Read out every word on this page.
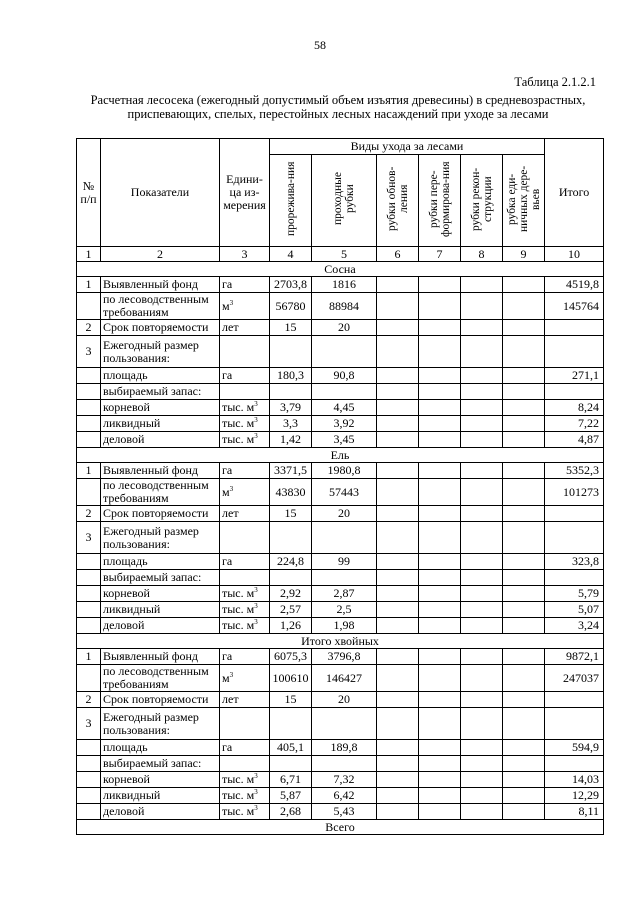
58
Таблица 2.1.2.1
Расчетная лесосека (ежегодный допустимый объем изъятия древесины) в средневозрастных, приспевающих, спелых, перестойных лесных насаждений при уходе за лесами
№ п/п	Показатели	Едини-ца из-мерения	Виды ухода за лесами						Итого
			прорежива-ния	проходные рубки	рубки обнов-ления	рубки пере-формирова-ния	рубки рекон-струкции	рубка еди-ничных дере-вьев	
1	2	3	4	5	6	7	8	9	10
Сосна									
1	Выявленный фонд	га	2703,8	1816					4519,8
	по лесоводственным требованиям	$м^3$	56780	88984					145764
2	Срок повторяемости	лет	15	20					
3	Ежегодный размер пользования:								
	площадь	га	180,3	90,8					271,1
	выбираемый запас:								
	корневой	тыс. $м^3$	3,79	4,45					8,24
	ликвидный	тыс. $м^3$	3,3	3,92					7,22
	деловой	тыс. $м^3$	1,42	3,45					4,87
Ель									
1	Выявленный фонд	га	3371,5	1980,8					5352,3
	по лесоводственным требованиям	$м^3$	43830	57443					101273
2	Срок повторяемости	лет	15	20					
3	Ежегодный размер пользования:								
	площадь	га	224,8	99					323,8
	выбираемый запас:								
	корневой	тыс. $м^3$	2,92	2,87					5,79
	ликвидный	тыс. $м^3$	2,57	2,5					5,07
	деловой	тыс. $м^3$	1,26	1,98					3,24
Итого хвойных									
1	Выявленный фонд	га	6075,3	3796,8					9872,1
	по лесоводственным требованиям	$м^3$	100610	146427					247037
2	Срок повторяемости	лет	15	20					
3	Ежегодный размер пользования:								
	площадь	га	405,1	189,8					594,9
	выбираемый запас:								
	корневой	тыс. $м^3$	6,71	7,32					14,03
	ликвидный	тыс. $м^3$	5,87	6,42					12,29
	деловой	тыс. $м^3$	2,68	5,43					8,11
Всего									
